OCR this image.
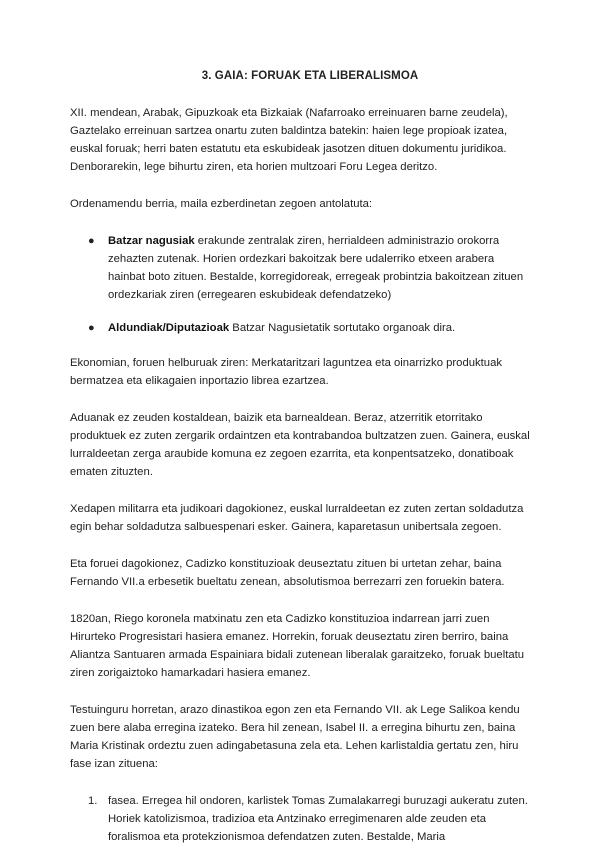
3. GAIA: FORUAK ETA LIBERALISMOA

XII. mendean, Arabak, Gipuzkoak eta Bizkaiak (Nafarroako erreinuaren barne zeudela), Gaztelako erreinuan sartzea onartu zuten baldintza batekin: haien lege propioak izatea, euskal foruak; herri baten estatutu eta eskubideak jasotzen dituen dokumentu juridikoa. Denborarekin, lege bihurtu ziren, eta horien multzoari Foru Legea deritzo.

Ordenamendu berria, maila ezberdinetan zegoen antolatuta:

● Batzar nagusiak erakunde zentralak ziren, herrialdeen administrazio orokorra zehazten zutenak. Horien ordezkari bakoitzak bere udalerriko etxeen arabera hainbat boto zituen. Bestalde, korregidoreak, erregeak probintzia bakoitzean zituen ordezkariak ziren (erregearen eskubideak defendatzeko)
● Aldundiak/Diputazioak Batzar Nagusietatik sortutako organoak dira.

Ekonomian, foruen helburuak ziren: Merkataritzari laguntzea eta oinarrizko produktuak bermatzea eta elikagaien inportazio librea ezartzea.

Aduanak ez zeuden kostaldean, baizik eta barnealdean. Beraz, atzerritik etorritako produktuek ez zuten zergarik ordaintzen eta kontrabandoa bultzatzen zuen. Gainera, euskal lurraldeetan zerga araubide komuna ez zegoen ezarrita, eta konpentsatzeko, donatiboak ematen zituzten.

Xedapen militarra eta judikoari dagokionez, euskal lurraldeetan ez zuten zertan soldadutza egin behar soldadutza salbuespenari esker. Gainera, kaparetasun unibertsala zegoen.

Eta foruei dagokionez, Cadizko konstituzioak deuseztatu zituen bi urtetan zehar, baina Fernando VII.a erbesetik bueltatu zenean, absolutismoa berrezarri zen foruekin batera.

1820an, Riego koronela matxinatu zen eta Cadizko konstituzioa indarrean jarri zuen Hirurteko Progresistari hasiera emanez. Horrekin, foruak deuseztatu ziren berriro, baina Aliantza Santuaren armada Espainiara bidali zutenean liberalak garaitzeko, foruak bueltatu ziren zorigaiztoko hamarkadari hasiera emanez.

Testuinguru horretan, arazo dinastikoa egon zen eta Fernando VII. ak Lege Salikoa kendu zuen bere alaba erregina izateko. Bera hil zenean, Isabel II. a erregina bihurtu zen, baina Maria Kristinak ordeztu zuen adingabetasuna zela eta. Lehen karlistaldia gertatu zen, hiru fase izan zituena:

1. fasea. Erregea hil ondoren, karlistek Tomas Zumalakarregi buruzagi aukeratu zuten. Horiek katolizismoa, tradizioa eta Antzinako erregimenaren alde zeuden eta foralismoa eta protekzionismoa defendatzen zuten. Bestalde, Maria
